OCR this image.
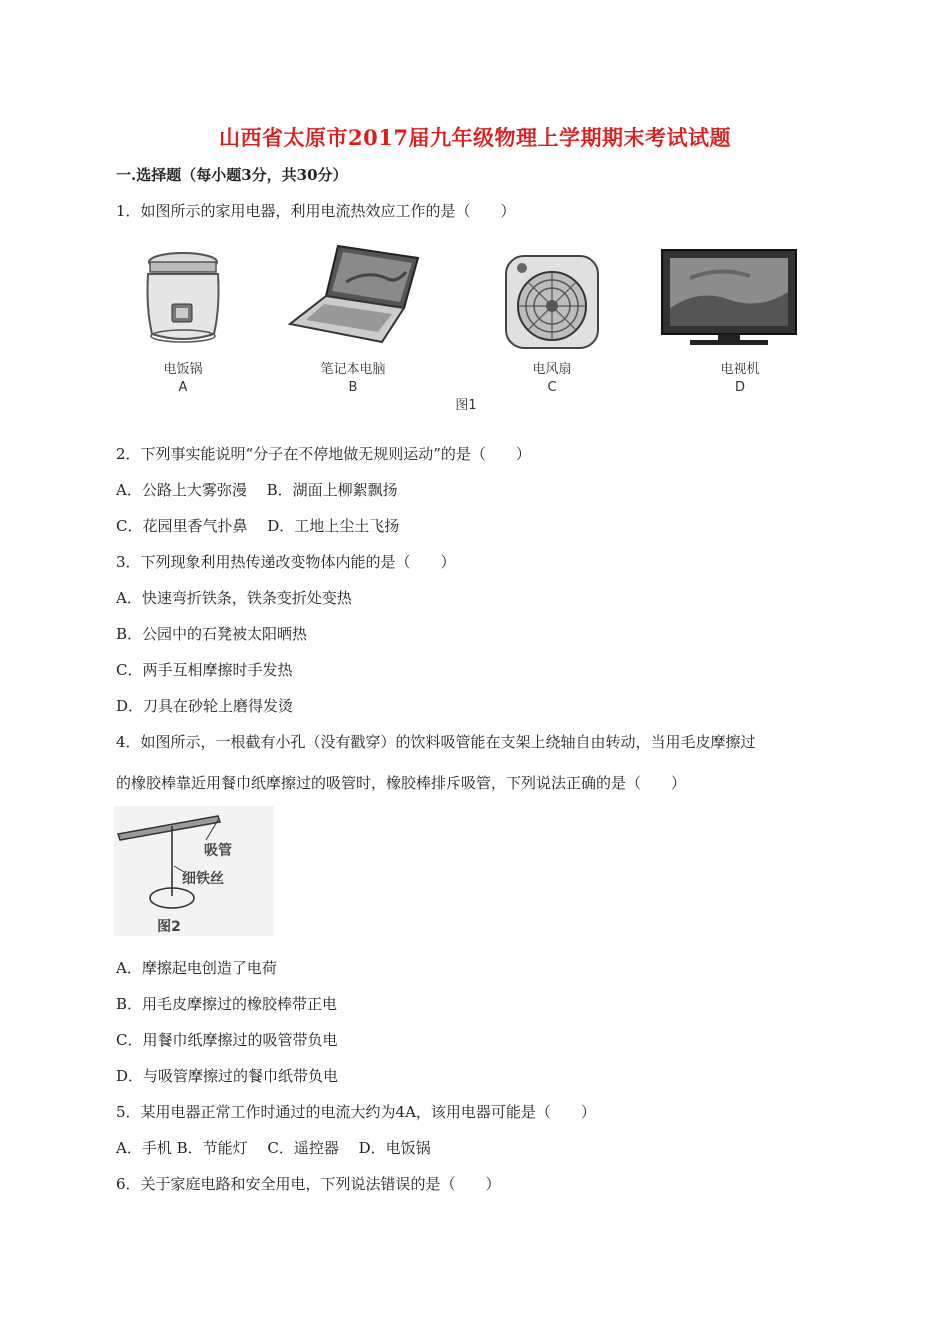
山西省太原市2017届九年级物理上学期期末考试试题
一.选择题（每小题3分，共30分）
1．如图所示的家用电器，利用电流热效应工作的是（　　）
电饭锅
A
笔记本电脑
B
电风扇
C
电视机
D
图1
2．下列事实能说明“分子在不停地做无规则运动”的是（　　）
A．公路上大雾弥漫　 B．湖面上柳絮飘扬
C．花园里香气扑鼻　 D．工地上尘土飞扬
3．下列现象利用热传递改变物体内能的是（　　）
A．快速弯折铁条，铁条变折处变热
B．公园中的石凳被太阳晒热
C．两手互相摩擦时手发热
D．刀具在砂轮上磨得发烫
4．如图所示，一根截有小孔（没有戳穿）的饮料吸管能在支架上绕轴自由转动，当用毛皮摩擦过
的橡胶棒靠近用餐巾纸摩擦过的吸管时，橡胶棒排斥吸管，下列说法正确的是（　　）
吸管
细铁丝
图2
A．摩擦起电创造了电荷
B．用毛皮摩擦过的橡胶棒带正电
C．用餐巾纸摩擦过的吸管带负电
D．与吸管摩擦过的餐巾纸带负电
5．某用电器正常工作时通过的电流大约为4A，该用电器可能是（　　）
A．手机 B．节能灯　 C．遥控器　 D．电饭锅
6．关于家庭电路和安全用电，下列说法错误的是（　　）
